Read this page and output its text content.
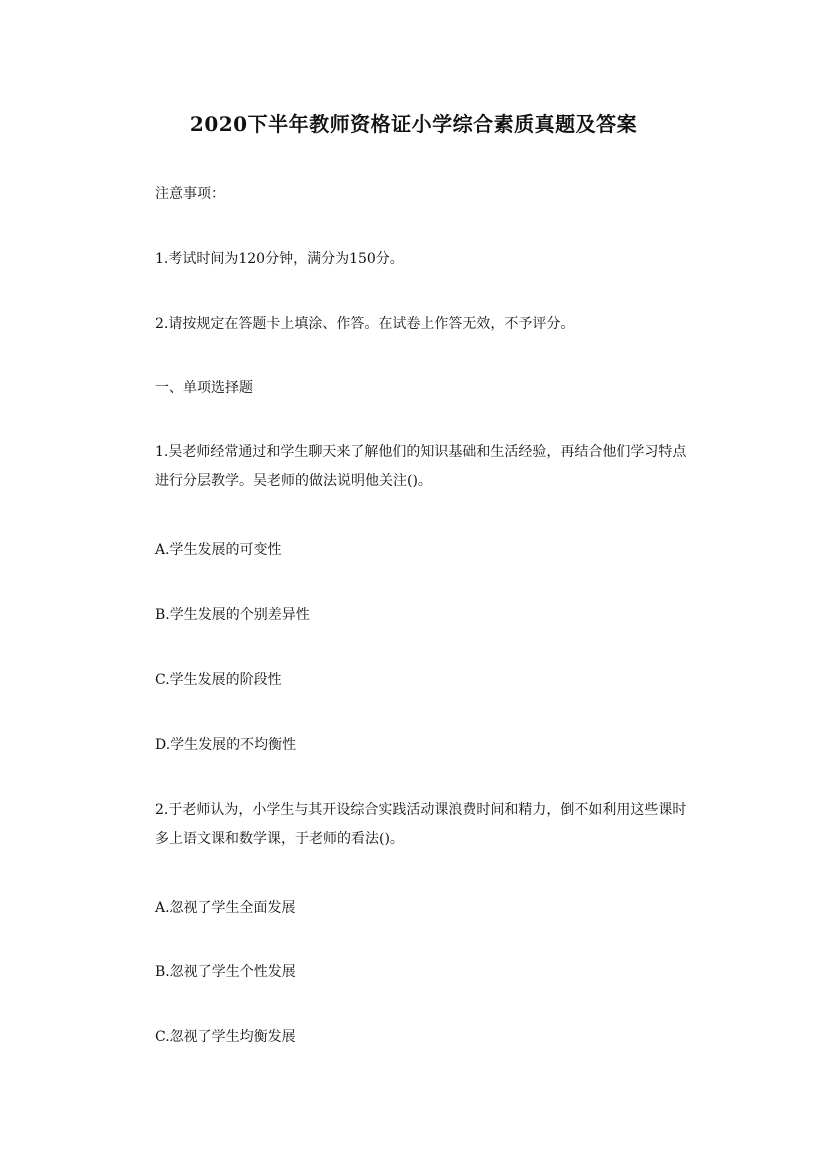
2020下半年教师资格证小学综合素质真题及答案

注意事项：

1.考试时间为120分钟，满分为150分。

2.请按规定在答题卡上填涂、作答。在试卷上作答无效，不予评分。

一、单项选择题

1.吴老师经常通过和学生聊天来了解他们的知识基础和生活经验，再结合他们学习特点进行分层教学。吴老师的做法说明他关注()。

A.学生发展的可变性

B.学生发展的个别差异性

C.学生发展的阶段性

D.学生发展的不均衡性

2.于老师认为，小学生与其开设综合实践活动课浪费时间和精力，倒不如利用这些课时多上语文课和数学课，于老师的看法()。

A.忽视了学生全面发展

B.忽视了学生个性发展

C.忽视了学生均衡发展
